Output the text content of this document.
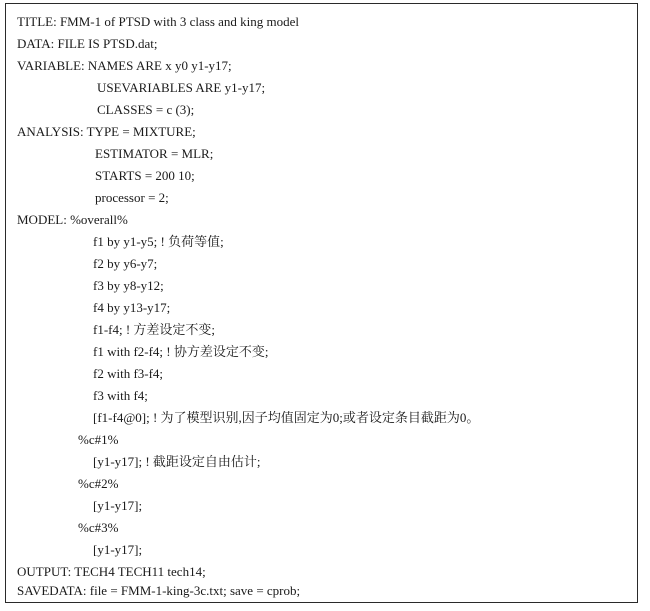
TITLE: FMM-1 of PTSD with 3 class and king model
DATA: FILE IS PTSD.dat;
VARIABLE: NAMES ARE x y0 y1-y17;
USEVARIABLES ARE y1-y17;
CLASSES = c (3);
ANALYSIS: TYPE = MIXTURE;
ESTIMATOR = MLR;
STARTS = 200 10;
processor = 2;
MODEL: %overall%
f1 by y1-y5; ! 负荷等值;
f2 by y6-y7;
f3 by y8-y12;
f4 by y13-y17;
f1-f4; ! 方差设定不变;
f1 with f2-f4; ! 协方差设定不变;
f2 with f3-f4;
f3 with f4;
[f1-f4@0]; ! 为了模型识别,因子均值固定为0;或者设定条目截距为0。
%c#1%
[y1-y17]; ! 截距设定自由估计;
%c#2%
[y1-y17];
%c#3%
[y1-y17];
OUTPUT: TECH4 TECH11 tech14;
SAVEDATA: file = FMM-1-king-3c.txt; save = cprob;
